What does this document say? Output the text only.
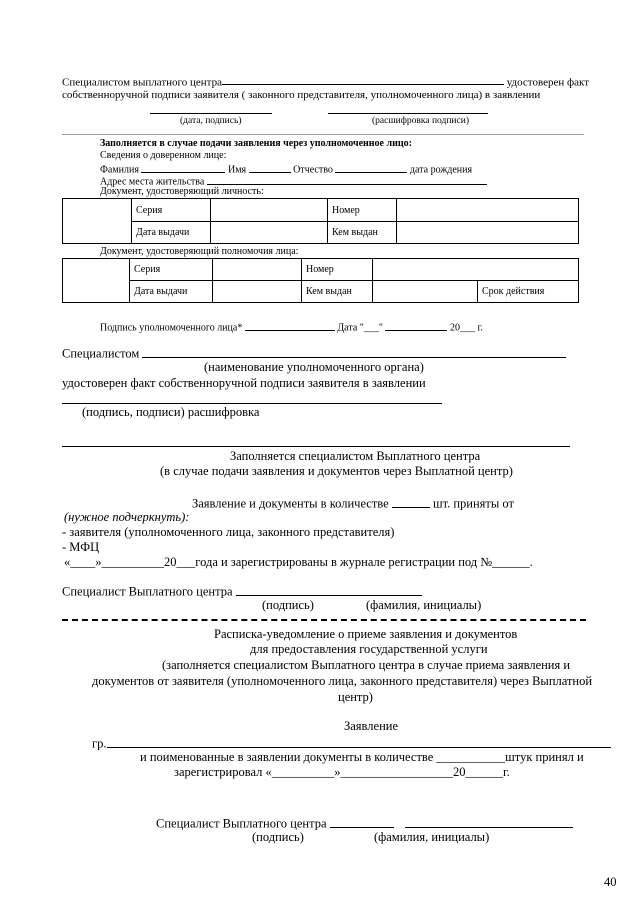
Специалистом выплатного центра	удостоверен факт
собственноручной подписи заявителя ( законного представителя, уполномоченного лица) в заявлении
(дата, подпись)	(расшифровка подписи)
Заполняется в случае подачи заявления через уполномоченное лицо:
Сведения о доверенном лице:
Фамилия	Имя	Отчество	дата рождения
Адрес места жительства
Документ, удостоверяющий личность:
	Серия		Номер	
	Дата выдачи		Кем выдан	
Документ, удостоверяющий полномочия лица:
	Серия		Номер		
	Дата выдачи		Кем выдан		Срок действия
Подпись уполномоченного лица*	Дата "___"	20___ г.
Специалистом
(наименование уполномоченного органа)
удостоверен факт собственноручной подписи заявителя в заявлении
(подпись, подписи) расшифровка
Заполняется специалистом Выплатного центра
(в случае подачи заявления и документов через Выплатной центр)
Заявление и документы в количестве	шт. приняты от
(нужное подчеркнуть):
- заявителя (уполномоченного лица, законного представителя)
- МФЦ
«____»__________20___года и зарегистрированы в журнале регистрации под №______.
Специалист Выплатного центра
(подпись)	(фамилия, инициалы)
Расписка-уведомление о приеме заявления и документов
для предоставления государственной услуги
(заполняется специалистом Выплатного центра в случае приема заявления и
документов от заявителя (уполномоченного лица, законного представителя) через Выплатной
центр)
Заявление
гр.
и поименованные в заявлении документы в количестве ___________штук принял и
зарегистрировал «__________»__________________20______г.
Специалист Выплатного центра
(подпись)	(фамилия, инициалы)
40
